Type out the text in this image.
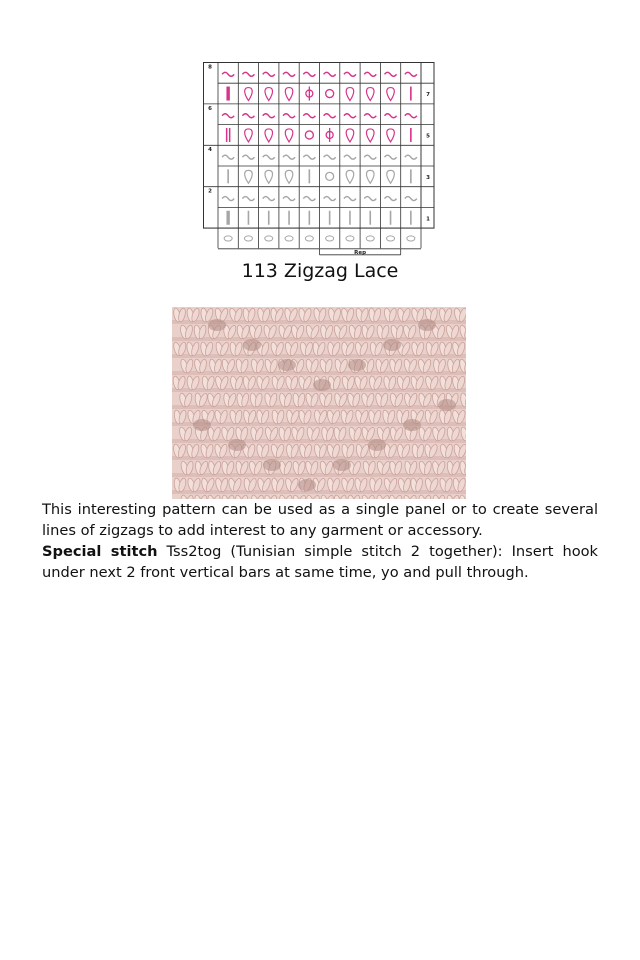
8
7
6
5
4
3
2
1
Rep
113 Zigzag Lace

This interesting pattern can be used as a single panel or to create several lines of zigzags to add interest to any garment or accessory.

Special stitch Tss2tog (Tunisian simple stitch 2 together): Insert hook under next 2 front vertical bars at same time, yo and pull through.
